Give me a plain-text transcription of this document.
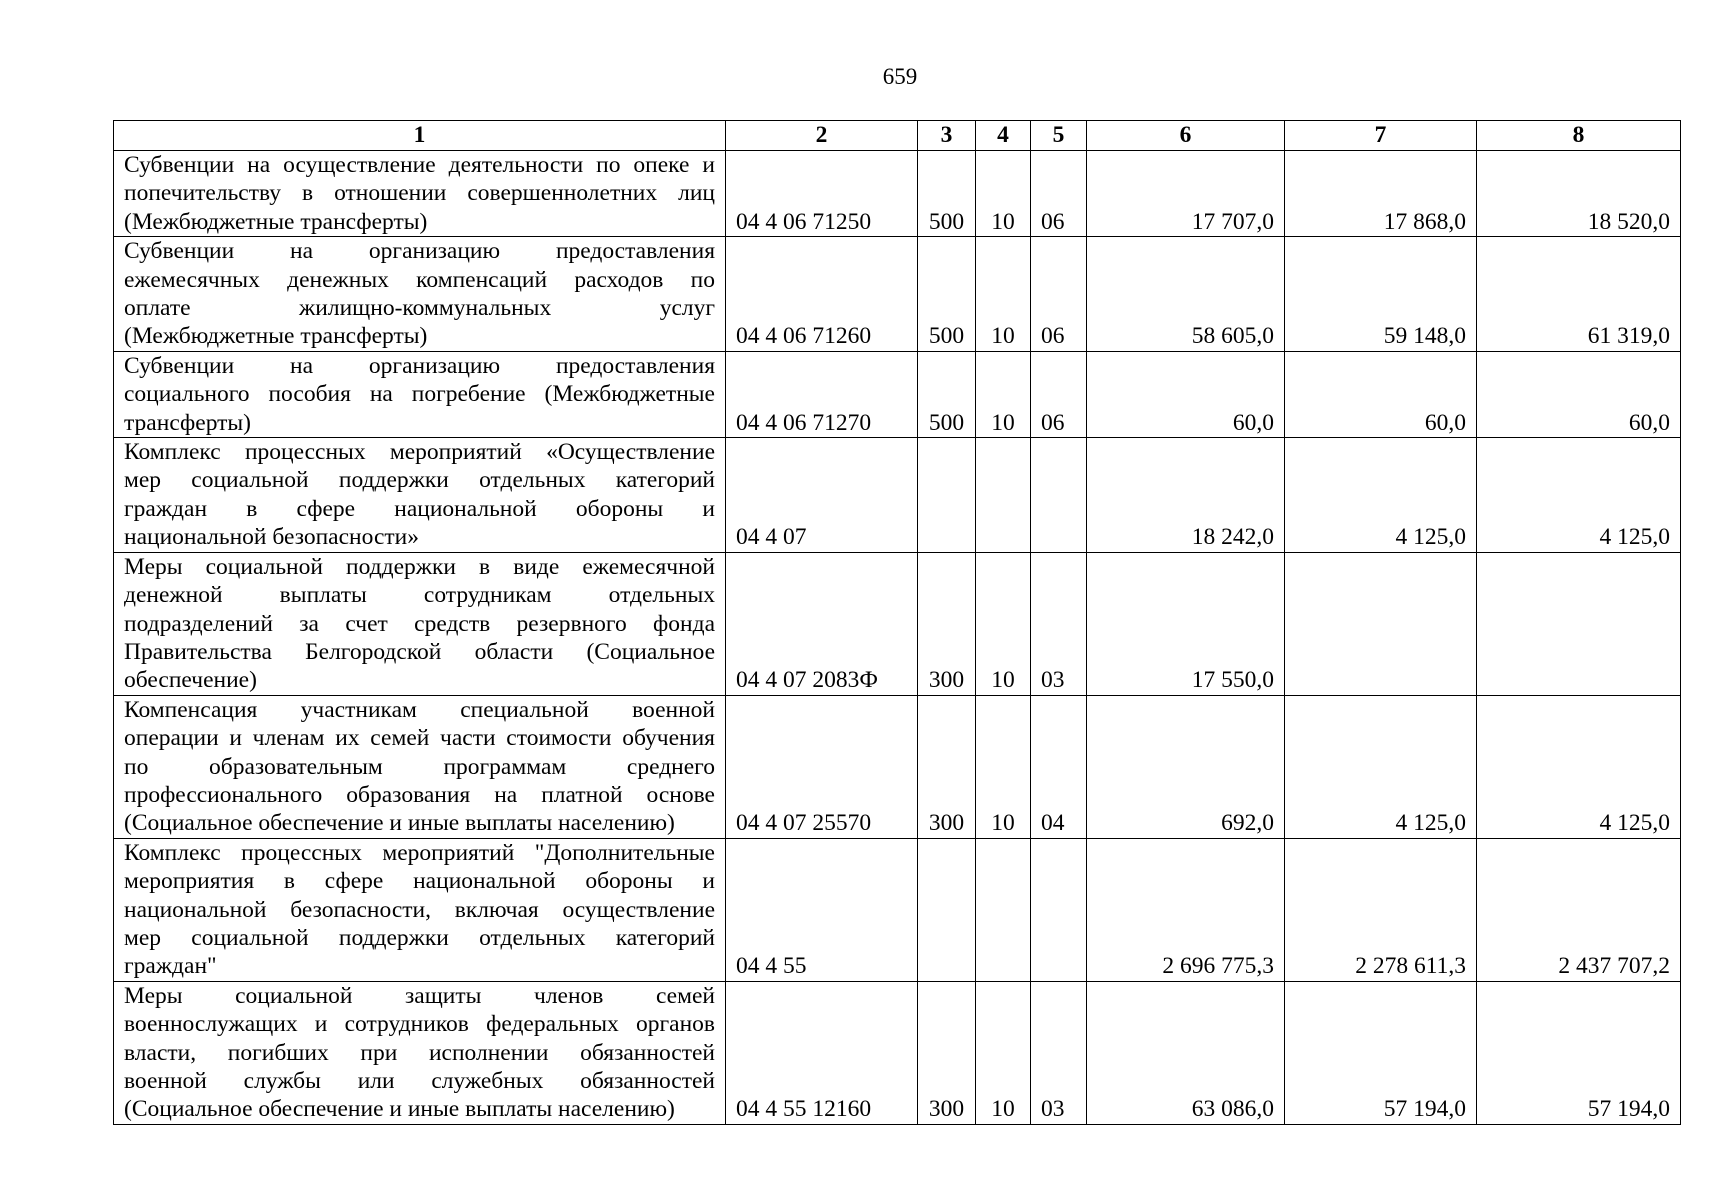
659
1	2	3	4	5	6	7	8

Субвенции на осуществление деятельности по опеке и
попечительству в отношении совершеннолетних лиц
(Межбюджетные трансферты)	04 4 06 71250	500	10	06	17 707,0	17 868,0	18 520,0

Субвенции на организацию предоставления
ежемесячных денежных компенсаций расходов по
оплате жилищно-коммунальных услуг
(Межбюджетные трансферты)	04 4 06 71260	500	10	06	58 605,0	59 148,0	61 319,0

Субвенции на организацию предоставления
социального пособия на погребение (Межбюджетные
трансферты)	04 4 06 71270	500	10	06	60,0	60,0	60,0

Комплекс процессных мероприятий «Осуществление
мер социальной поддержки отдельных категорий
граждан в сфере национальной обороны и
национальной безопасности»	04 4 07				18 242,0	4 125,0	4 125,0

Меры социальной поддержки в виде ежемесячной
денежной выплаты сотрудникам отдельных
подразделений за счет средств резервного фонда
Правительства Белгородской области (Социальное
обеспечение)	04 4 07 2083Ф	300	10	03	17 550,0		

Компенсация участникам специальной военной
операции и членам их семей части стоимости обучения
по образовательным программам среднего
профессионального образования на платной основе
(Социальное обеспечение и иные выплаты населению)	04 4 07 25570	300	10	04	692,0	4 125,0	4 125,0

Комплекс процессных мероприятий "Дополнительные
мероприятия в сфере национальной обороны и
национальной безопасности, включая осуществление
мер социальной поддержки отдельных категорий
граждан"	04 4 55				2 696 775,3	2 278 611,3	2 437 707,2

Меры социальной защиты членов семей
военнослужащих и сотрудников федеральных органов
власти, погибших при исполнении обязанностей
военной службы или служебных обязанностей
(Социальное обеспечение и иные выплаты населению)	04 4 55 12160	300	10	03	63 086,0	57 194,0	57 194,0
